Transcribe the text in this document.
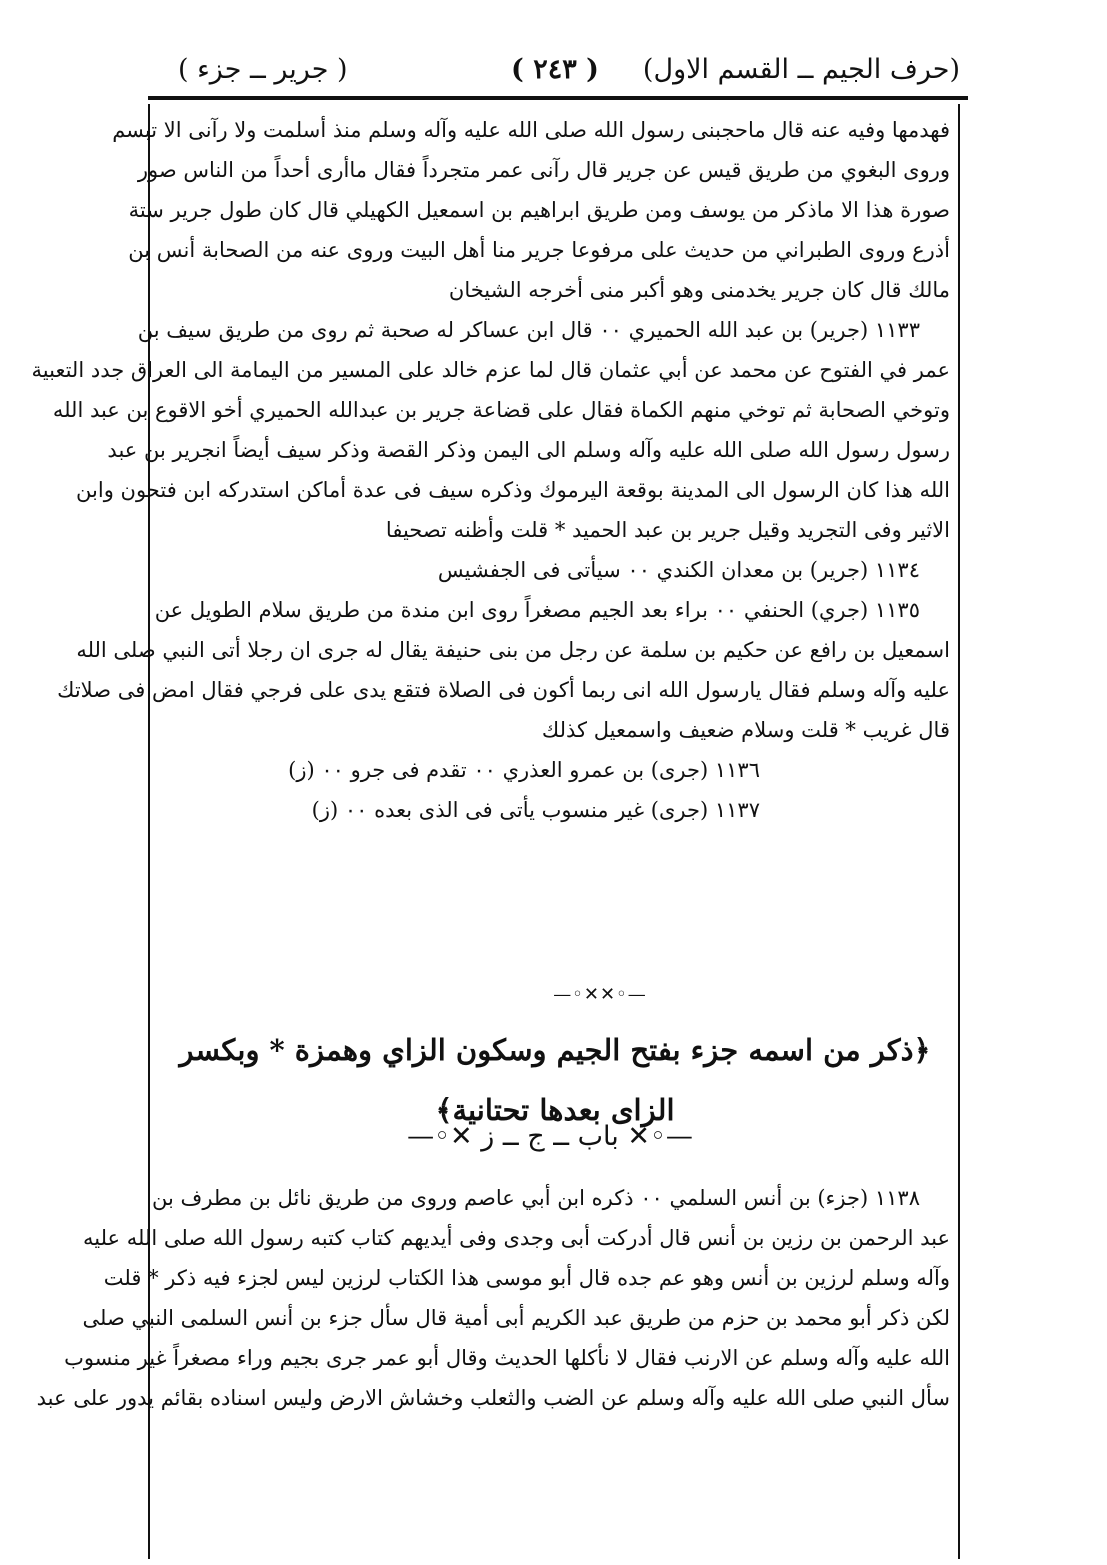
(حرف الجيم ــ القسم الاول)
( ٢٤٣ )
( جرير ــ جزء )
فهدمها وفيه عنه قال ماحجبنى رسول الله صلى الله عليه وآله وسلم منذ أسلمت ولا رآنى الا تبسم
وروى البغوي من طريق قيس عن جرير قال رآنى عمر متجرداً فقال ماأرى أحداً من الناس صور
صورة هذا الا ماذكر من يوسف ومن طريق ابراهيم بن اسمعيل الكهيلي قال كان طول جرير ستة
أذرع وروى الطبراني من حديث على مرفوعا جرير منا أهل البيت وروى عنه من الصحابة أنس بن
مالك قال كان جرير يخدمنى وهو أكبر منى أخرجه الشيخان
١١٣٣ (جرير) بن عبد الله الحميري ٠٠ قال ابن عساكر له صحبة ثم روى من طريق سيف بن
عمر في الفتوح عن محمد عن أبي عثمان قال لما عزم خالد على المسير من اليمامة الى العراق جدد التعبية
وتوخي الصحابة ثم توخي منهم الكماة فقال على قضاعة جرير بن عبدالله الحميري أخو الاقوع بن عبد الله
رسول رسول الله صلى الله عليه وآله وسلم الى اليمن وذكر القصة وذكر سيف أيضاً انجرير بن عبد
الله هذا كان الرسول الى المدينة بوقعة اليرموك وذكره سيف فى عدة أماكن استدركه ابن فتحون وابن
الاثير وفى التجريد وقيل جرير بن عبد الحميد * قلت وأظنه تصحيفا
١١٣٤ (جرير) بن معدان الكندي ٠٠ سيأتى فى الجفشيس
١١٣٥ (جري) الحنفي ٠٠ براء بعد الجيم مصغراً روى ابن مندة من طريق سلام الطويل عن
اسمعيل بن رافع عن حكيم بن سلمة عن رجل من بنى حنيفة يقال له جرى ان رجلا أتى النبي صلى الله
عليه وآله وسلم فقال يارسول الله انى ربما أكون فى الصلاة فتقع يدى على فرجي فقال امض فى صلاتك
قال غريب * قلت وسلام ضعيف واسمعيل كذلك
١١٣٦ (جرى) بن عمرو العذري ٠٠ تقدم فى جرو ٠٠ (ز)
١١٣٧ (جرى) غير منسوب يأتى فى الذى بعده ٠٠ (ز)
—◦✕✕◦—
﴿ذكر من اسمه جزء بفتح الجيم وسكون الزاي وهمزة * وبكسر الزاى بعدها تحتانية﴾
—◦✕ باب ــ ج ــ ز ✕◦—
١١٣٨ (جزء) بن أنس السلمي ٠٠ ذكره ابن أبي عاصم وروى من طريق نائل بن مطرف بن
عبد الرحمن بن رزين بن أنس قال أدركت أبى وجدى وفى أيديهم كتاب كتبه رسول الله صلى الله عليه
وآله وسلم لرزين بن أنس وهو عم جده قال أبو موسى هذا الكتاب لرزين ليس لجزء فيه ذكر * قلت
لكن ذكر أبو محمد بن حزم من طريق عبد الكريم أبى أمية قال سأل جزء بن أنس السلمى النبي صلى
الله عليه وآله وسلم عن الارنب فقال لا نأكلها الحديث وقال أبو عمر جرى بجيم وراء مصغراً غير منسوب
سأل النبي صلى الله عليه وآله وسلم عن الضب والثعلب وخشاش الارض وليس اسناده بقائم يدور على عبد
